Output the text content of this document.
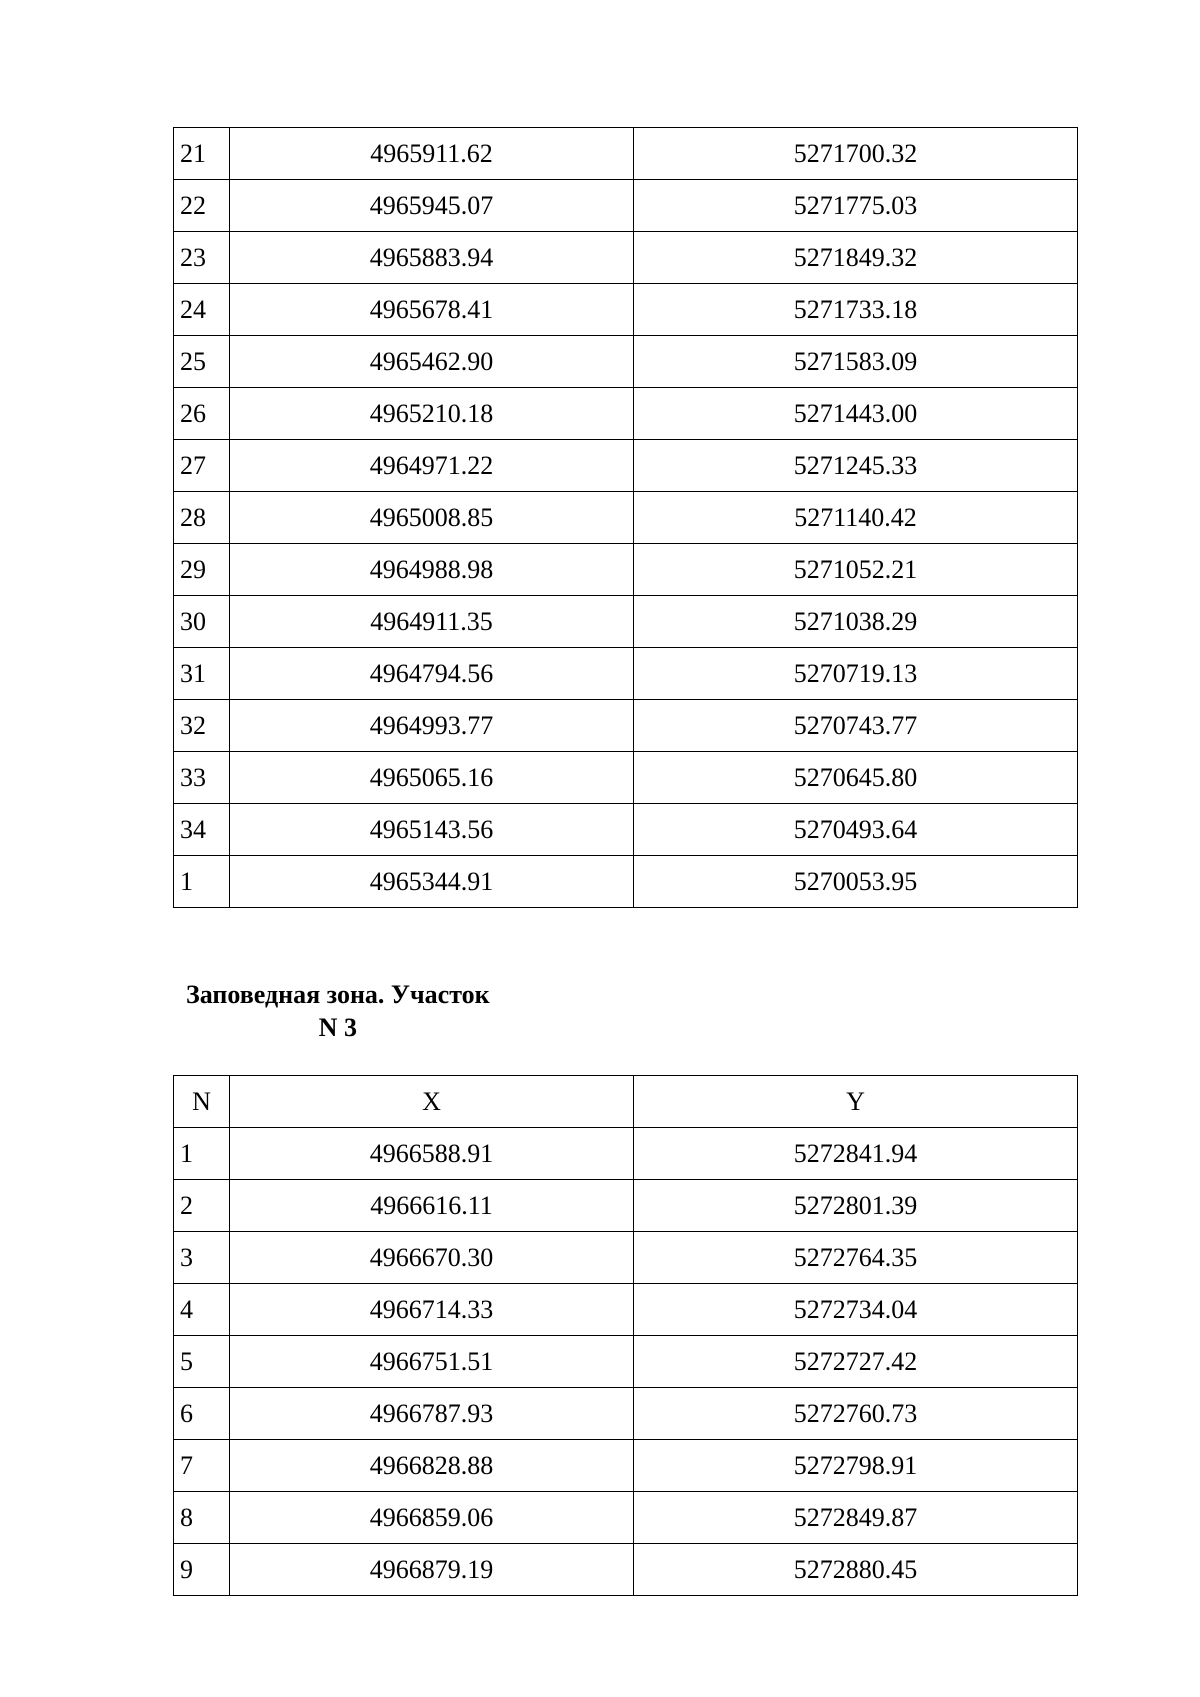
21	4965911.62	5271700.32
22	4965945.07	5271775.03
23	4965883.94	5271849.32
24	4965678.41	5271733.18
25	4965462.90	5271583.09
26	4965210.18	5271443.00
27	4964971.22	5271245.33
28	4965008.85	5271140.42
29	4964988.98	5271052.21
30	4964911.35	5271038.29
31	4964794.56	5270719.13
32	4964993.77	5270743.77
33	4965065.16	5270645.80
34	4965143.56	5270493.64
1	4965344.91	5270053.95
Заповедная зона. Участок
N 3
N	X	Y
1	4966588.91	5272841.94
2	4966616.11	5272801.39
3	4966670.30	5272764.35
4	4966714.33	5272734.04
5	4966751.51	5272727.42
6	4966787.93	5272760.73
7	4966828.88	5272798.91
8	4966859.06	5272849.87
9	4966879.19	5272880.45
